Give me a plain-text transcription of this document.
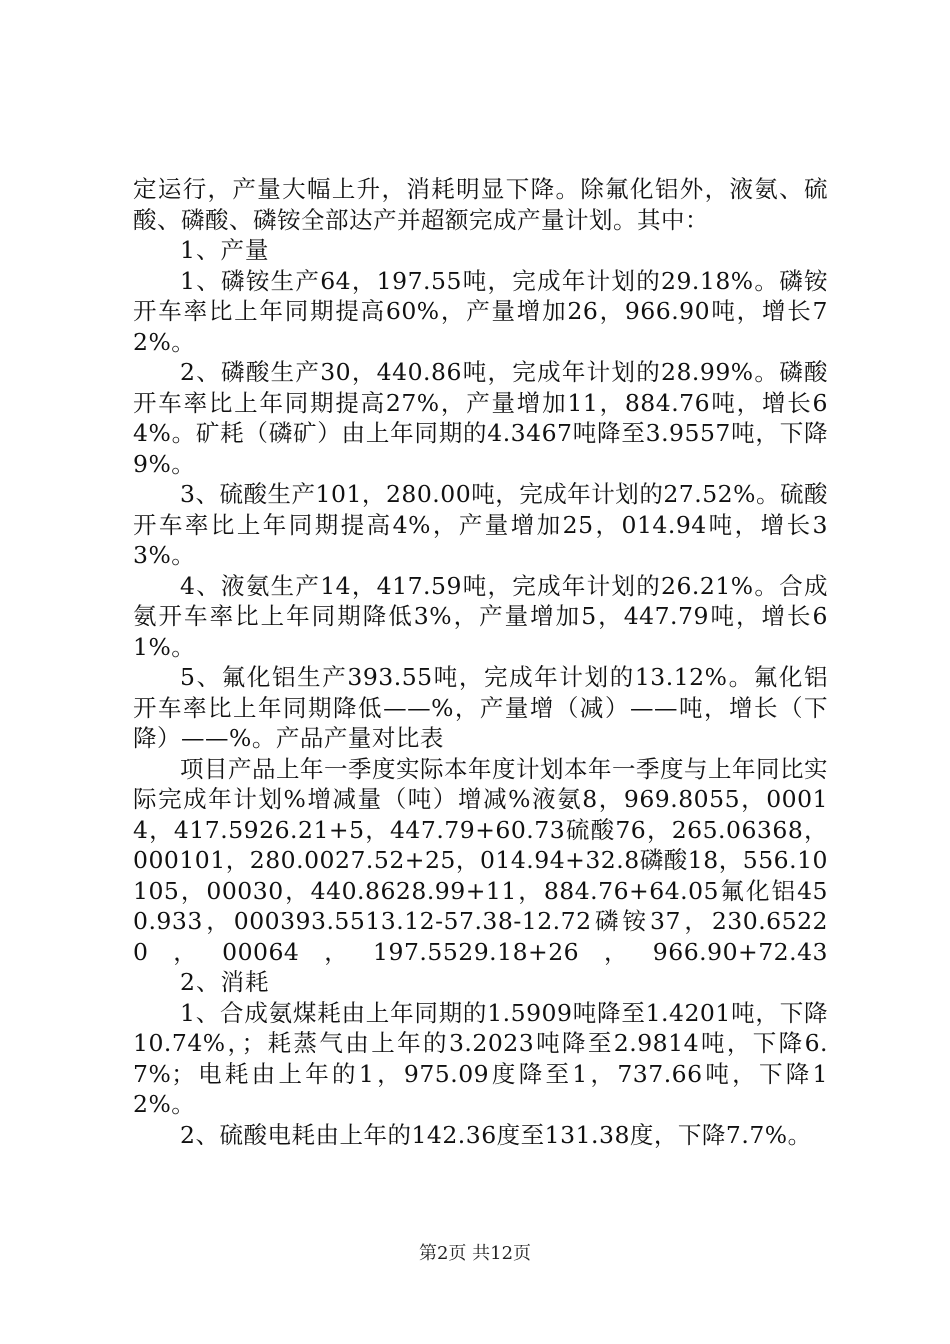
定运行，产量大幅上升，消耗明显下降。除氟化铝外，液氨、硫酸、磷酸、磷铵全部达产并超额完成产量计划。其中：

1、产量

1、磷铵生产64，197.55吨，完成年计划的29.18%。磷铵开车率比上年同期提高60%，产量增加26，966.90吨，增长72%。

2、磷酸生产30，440.86吨，完成年计划的28.99%。磷酸开车率比上年同期提高27%，产量增加11，884.76吨，增长64%。矿耗（磷矿）由上年同期的4.3467吨降至3.9557吨，下降9%。

3、硫酸生产101，280.00吨，完成年计划的27.52%。硫酸开车率比上年同期提高4%，产量增加25，014.94吨，增长33%。

4、液氨生产14，417.59吨，完成年计划的26.21%。合成氨开车率比上年同期降低3%，产量增加5，447.79吨，增长61%。

5、氟化铝生产393.55吨，完成年计划的13.12%。氟化铝开车率比上年同期降低——%，产量增（减）——吨，增长（下降）——%。产品产量对比表

项目产品上年一季度实际本年度计划本年一季度与上年同比实际完成年计划%增减量（吨）增减%液氨8，969.8055，00014，417.5926.21+5，447.79+60.73硫酸76，265.06368，000101，280.0027.52+25，014.94+32.8磷酸18，556.10105，00030，440.8628.99+11，884.76+64.05氟化铝450.933，000393.5513.12-57.38-12.72磷铵37，230.65220，00064，197.5529.18+26，966.90+72.43

2、消耗

1、合成氨煤耗由上年同期的1.5909吨降至1.4201吨，下降10.74%，；耗蒸气由上年的3.2023吨降至2.9814吨，下降6.7%；电耗由上年的1，975.09度降至1，737.66吨，下降12%。

2、硫酸电耗由上年的142.36度至131.38度，下降7.7%。

第2页 共12页
